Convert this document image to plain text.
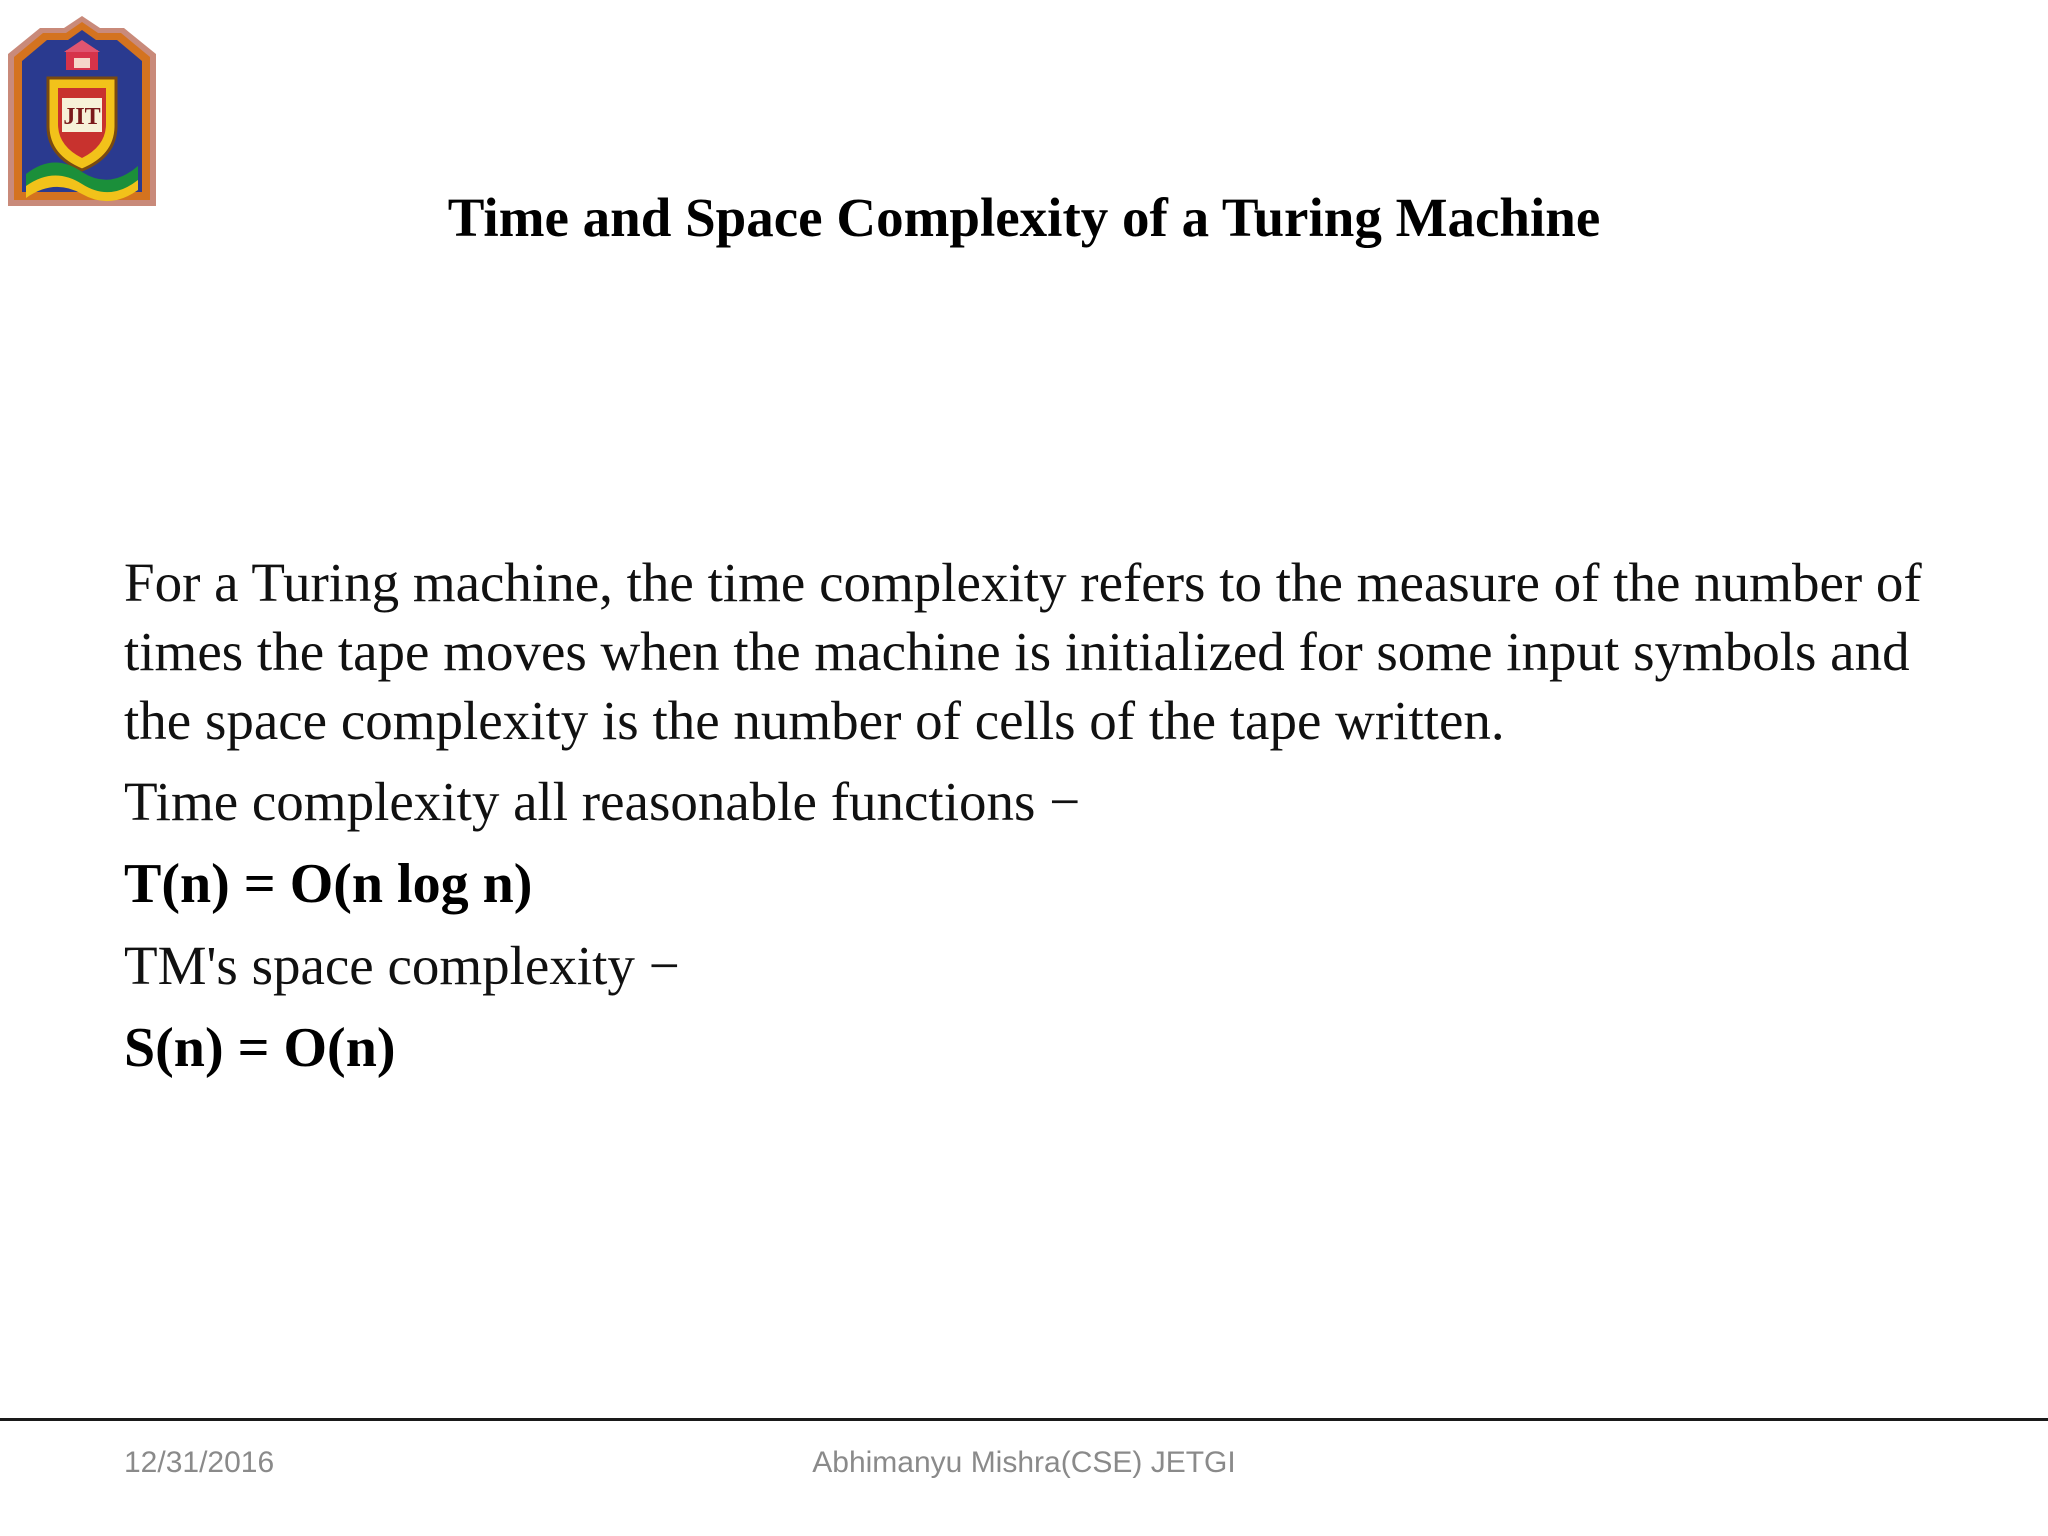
JIT
Time and Space Complexity of a Turing Machine

For a Turing machine, the time complexity refers to the measure of the number of times the tape moves when the machine is initialized for some input symbols and the space complexity is the number of cells of the tape written.

Time complexity all reasonable functions −

T(n) = O(n log n)

TM's space complexity −

S(n) = O(n)

12/31/2016	Abhimanyu Mishra(CSE) JETGI
